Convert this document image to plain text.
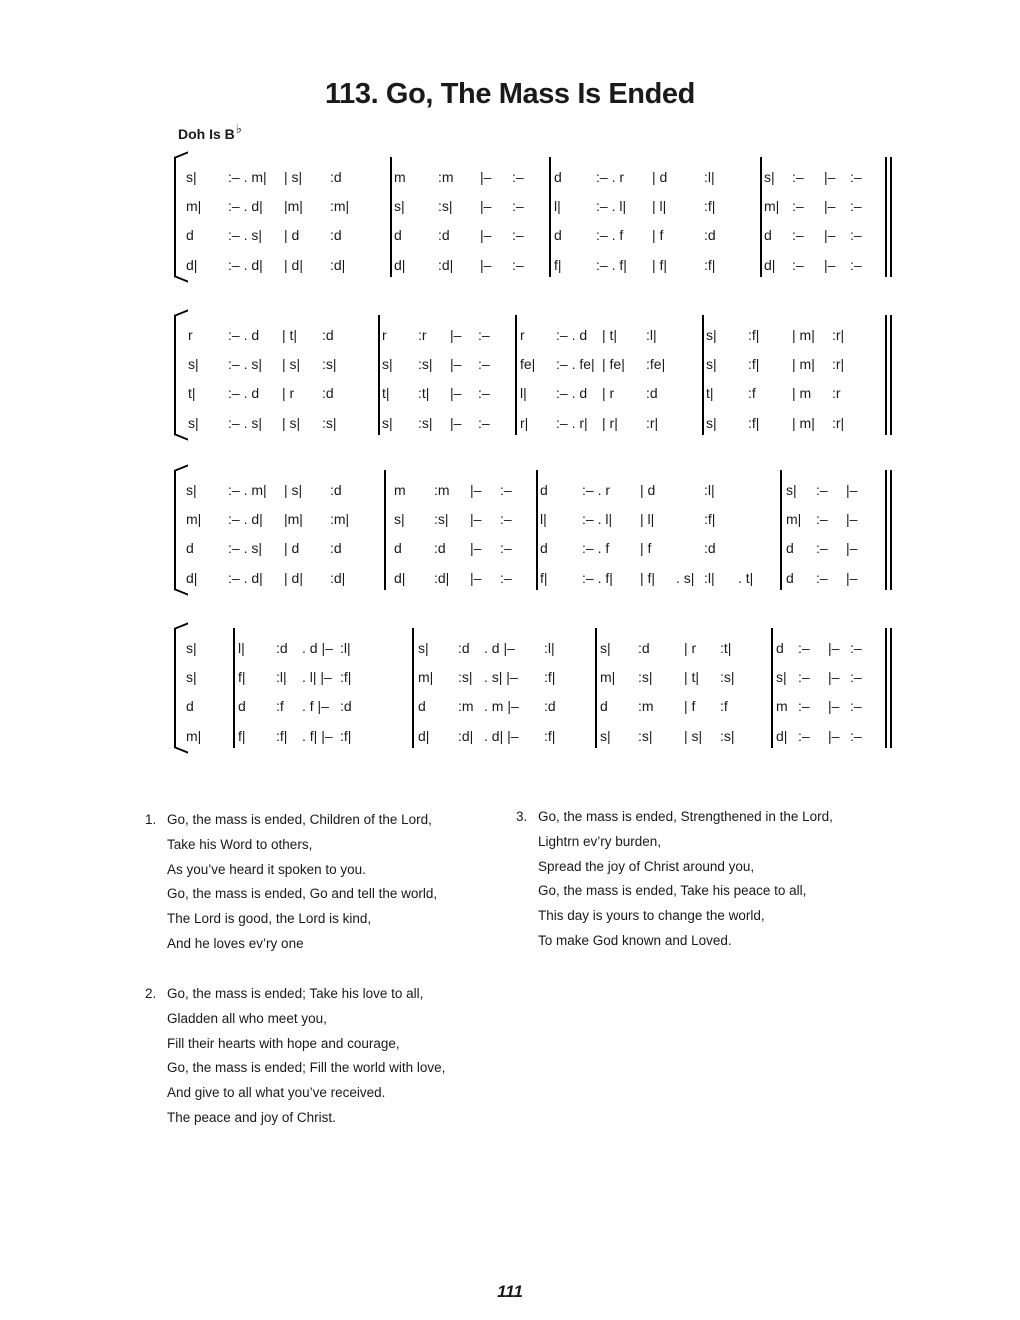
113. Go, The Mass Is Ended
Doh Is B♭
s| :– . m| | s| :d	m :m |– :– d :– . r | d	:l|	s| :– |– :–
m| :– . d| |m| :m|	s| :s| |– :– l|	:– . l| | l|	:f|	m| :– |– :–
d :– . s| | d :d	d	:d |– :– d :– . f | f	:d	d :– |– :–
d| :– . d| | d| :d|	d| :d| |– :– f| :– . f| | f|	:f|	d| :– |– :–
r	:– . d | t| :d	r :r |– :– r :– . d | t| :l|	s| :f| | m| :r|
s| :– . s| | s| :s|	s| :s| |– :– fe| :– . fe| | fe| :fe|	s| :f| | m| :r|
t| :– . d | r :d	t| :t| |– :– l| :– . d | r :d	t| :f	| m :r
s| :– . s| | s| :s|	s| :s| |– :– r| :– . r| | r| :r|	s| :f| | m| :r|
s| :– . m| | s| :d	m :m |– :– d :– . r | d	:l|	s| :– |–
m| :– . d| |m| :m|	s| :s| |– :– l|	:– . l| | l|	:f|	m| :– |–
d :– . s| | d :d	d :d |– :– d :– . f | f	:d	d :– |–
d| :– . d| | d| :d|	d| :d| |– :– f| :– . f| | f| . s| :l| . t| d :– |–
s|	l| :d . d |– :l|	s| :d . d |– :l|	s| :d | r :t|	d :– |– :–
s|	f| :l| . l| |– :f|	m| :s| . s| |– :f|	m| :s| | t| :s|	s| :– |– :–
d	d :f . f |– :d	d :m . m |– :d	d :m | f :f	m :– |– :–
m|	f| :f| . f| |– :f|	d| :d| . d| |– :f|	s| :s| | s| :s|	d| :– |– :–
1. Go, the mass is ended, Children of the Lord,
Take his Word to others,
As you’ve heard it spoken to you.
Go, the mass is ended, Go and tell the world,
The Lord is good, the Lord is kind,
And he loves ev’ry one
2. Go, the mass is ended; Take his love to all,
Gladden all who meet you,
Fill their hearts with hope and courage,
Go, the mass is ended; Fill the world with love,
And give to all what you’ve received.
The peace and joy of Christ.
3. Go, the mass is ended, Strengthened in the Lord,
Lightrn ev’ry burden,
Spread the joy of Christ around you,
Go, the mass is ended, Take his peace to all,
This day is yours to change the world,
To make God known and Loved.
111
